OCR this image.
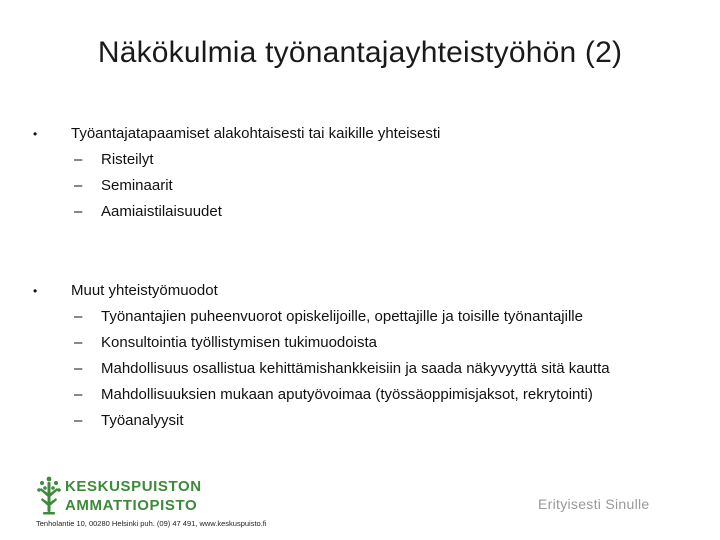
Näkökulmia työnantajayhteistyöhön (2)
• Työantajatapaamiset alakohtaisesti tai kaikille yhteisesti
– Risteilyt
– Seminaarit
– Aamiaistilaisuudet
• Muut yhteistyömuodot
– Työnantajien puheenvuorot opiskelijoille, opettajille ja toisille työnantajille
– Konsultointia työllistymisen tukimuodoista
– Mahdollisuus osallistua kehittämishankkeisiin ja saada näkyvyyttä sitä kautta
– Mahdollisuuksien mukaan aputyövoimaa (työssäoppimisjaksot, rekrytointi)
– Työanalyysit
KESKUSPUISTON
AMMATTIOPISTO
Tenholantie 10, 00280 Helsinki puh. (09) 47 491, www.keskuspuisto.fi
Erityisesti Sinulle
